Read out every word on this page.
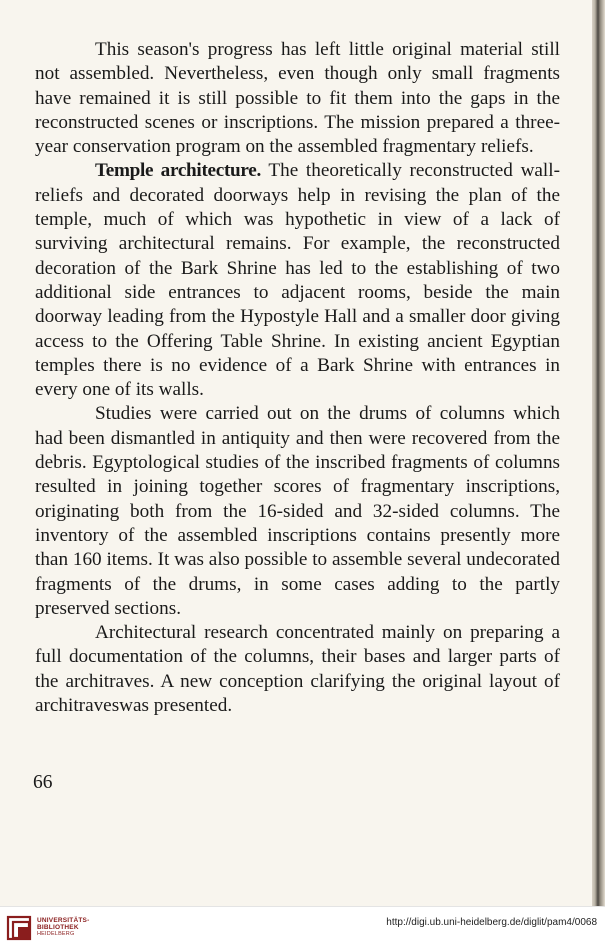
This season's progress has left little original material still not assembled. Nevertheless, even though only small fragments have remained it is still possible to fit them into the gaps in the reconstructed scenes or inscriptions. The mission prepared a three-year conservation program on the assembled fragmentary reliefs.

Temple architecture. The theoretically reconstructed wall-reliefs and decorated doorways help in revising the plan of the temple, much of which was hypothetic in view of a lack of surviving architectural remains. For example, the reconstructed decoration of the Bark Shrine has led to the establishing of two additional side entrances to adjacent rooms, beside the main doorway leading from the Hypostyle Hall and a smaller door giving access to the Offering Table Shrine. In existing ancient Egyptian temples there is no evidence of a Bark Shrine with entrances in every one of its walls.

Studies were carried out on the drums of columns which had been dismantled in antiquity and then were recovered from the debris. Egyptological studies of the inscribed fragments of columns resulted in joining together scores of fragmentary inscriptions, originating both from the 16-sided and 32-sided columns. The inventory of the assembled inscriptions contains presently more than 160 items. It was also possible to assemble several undecorated fragments of the drums, in some cases adding to the partly preserved sections.

Architectural research concentrated mainly on preparing a full documentation of the columns, their bases and larger parts of the architraves. A new conception clarifying the original layout of architraveswas presented.

66
UNIVERSITÄTS-
BIBLIOTHEK
HEIDELBERG
http://digi.ub.uni-heidelberg.de/diglit/pam4/0068
